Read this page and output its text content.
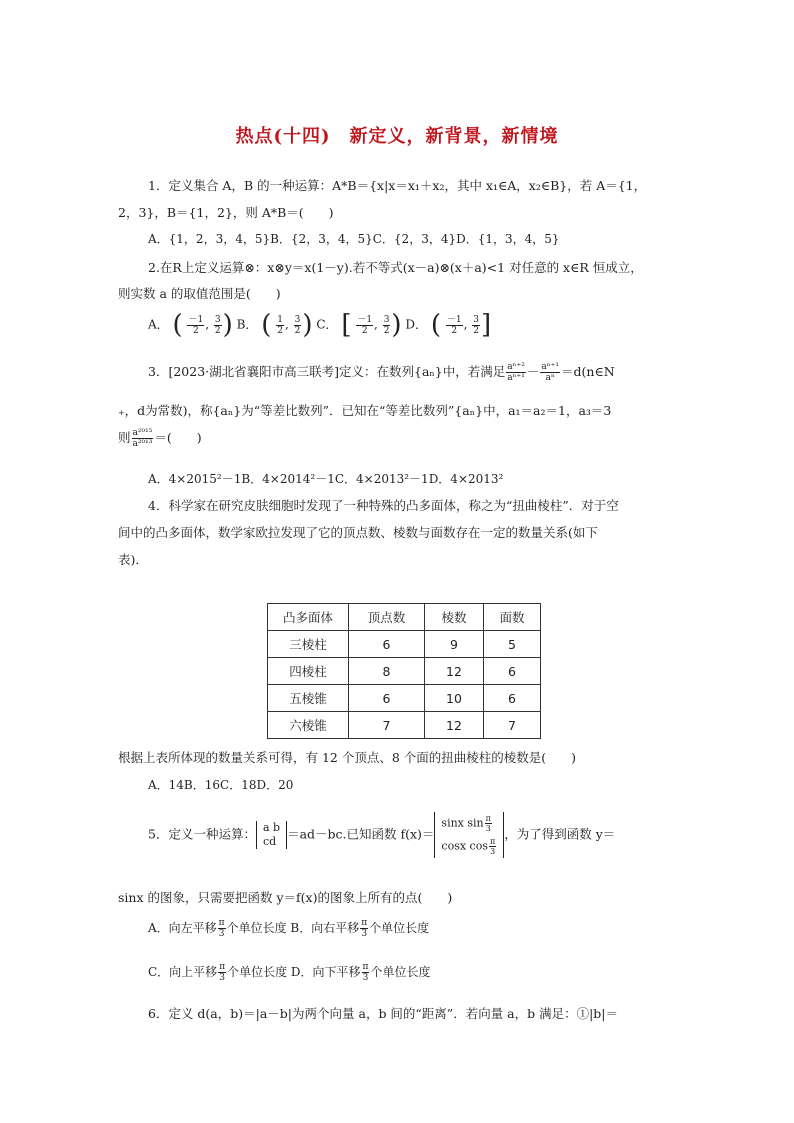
热点(十四)　新定义，新背景，新情境
1．定义集合 A，B 的一种运算：A*B＝{x|x＝x₁＋x₂，其中 x₁∈A，x₂∈B}，若 A＝{1，
2，3}，B＝{1，2}，则 A*B＝(　　)
A．{1，2，3，4，5}B．{2，3，4，5}C．{2，3，4}D．{1，3，4，5}
2.在R上定义运算⊗：x⊗y＝x(1－y).若不等式(x－a)⊗(x＋a)<1 对任意的 x∈R 恒成立，
则实数 a 的取值范围是(　　)
A． ( $\frac{-1}{2}$ , $\frac{3}{2}$ ) B． ( $\frac{1}{2}$ , $\frac{3}{2}$ ) C． [ $\frac{-1}{2}$ , $\frac{3}{2}$ ) D． ( $\frac{-1}{2}$ , $\frac{3}{2}$ ]
3．[2023·湖北省襄阳市高三联考]定义：在数列{aₙ}中，若满足 $\frac{\text{aⁿ⁺²}}{\text{aⁿ⁺¹}} - \frac{\text{aⁿ⁺¹}}{\text{aⁿ}}$ ＝d(n∈N
₊，d为常数)，称{aₙ}为“等差比数列”．已知在“等差比数列”{aₙ}中，a₁＝a₂＝1，a₃＝3
则 $\frac{\text{a²⁰¹⁵}}{\text{a²⁰¹³}}$ ＝(　　)
A．4×2015²－1B．4×2014²－1C．4×2013²－1D．4×2013²
4．科学家在研究皮肤细胞时发现了一种特殊的凸多面体，称之为“扭曲棱柱”．对于空
间中的凸多面体，数学家欧拉发现了它的顶点数、棱数与面数存在一定的数量关系(如下
表)．
凸多面体	顶点数	棱数	面数
三棱柱	6	9	5
四棱柱	8	12	6
五棱锥	6	10	6
六棱锥	7	12	7
根据上表所体现的数量关系可得，有 12 个顶点、8 个面的扭曲棱柱的棱数是(　　)
A．14B．16C．18D．20
5．定义一种运算： a b
cd ＝ad－bc.已知函数 f(x)＝
sinx $\sin \frac{\pi}{3}$
cosx $\cos \frac{\pi}{3}$
，为了得到函数 y＝
sinx 的图象，只需要把函数 y＝f(x)的图象上所有的点(　　)
A．向左平移 $\frac{\pi}{3}$ 个单位长度 B．向右平移 $\frac{\pi}{3}$ 个单位长度
C．向上平移 $\frac{\pi}{3}$ 个单位长度 D．向下平移 $\frac{\pi}{3}$ 个单位长度
6．定义 d(a，b)＝|a－b|为两个向量 a，b 间的“距离”．若向量 a，b 满足：①|b|＝
